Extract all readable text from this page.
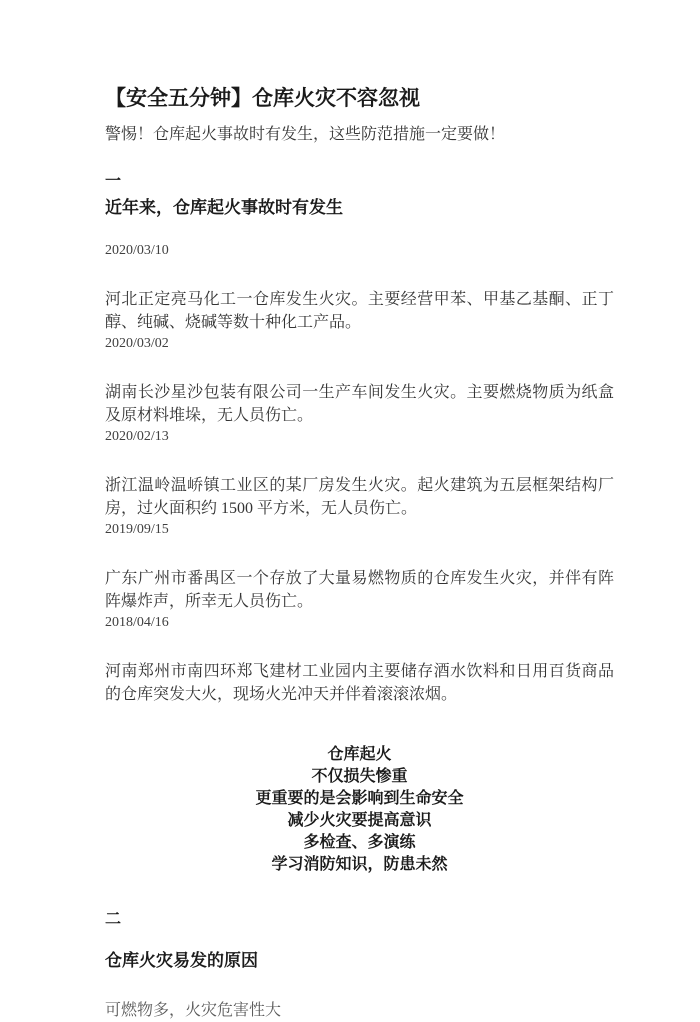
【安全五分钟】仓库火灾不容忽视
警惕！仓库起火事故时有发生，这些防范措施一定要做！
一
近年来，仓库起火事故时有发生
2020/03/10
河北正定亮马化工一仓库发生火灾。主要经营甲苯、甲基乙基酮、正丁醇、纯碱、烧碱等数十种化工产品。
2020/03/02
湖南长沙星沙包装有限公司一生产车间发生火灾。主要燃烧物质为纸盒及原材料堆垛，无人员伤亡。
2020/02/13
浙江温岭温峤镇工业区的某厂房发生火灾。起火建筑为五层框架结构厂房，过火面积约 1500 平方米，无人员伤亡。
2019/09/15
广东广州市番禺区一个存放了大量易燃物质的仓库发生火灾，并伴有阵阵爆炸声，所幸无人员伤亡。
2018/04/16
河南郑州市南四环郑飞建材工业园内主要储存酒水饮料和日用百货商品的仓库突发大火，现场火光冲天并伴着滚滚浓烟。
仓库起火
不仅损失惨重
更重要的是会影响到生命安全
减少火灾要提高意识
多检查、多演练
学习消防知识，防患未然
二
仓库火灾易发的原因
可燃物多，火灾危害性大
